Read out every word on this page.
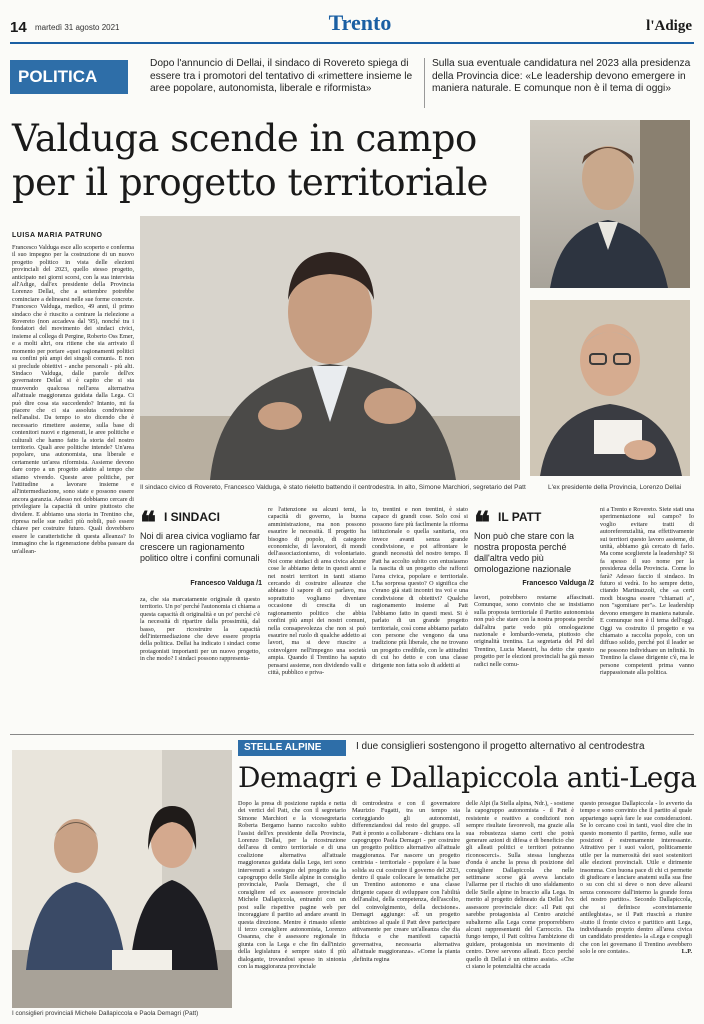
14 martedì 31 agosto 2021	Trento	l'Adige
POLITICA
Dopo l'annuncio di Dellai, il sindaco di Rovereto spiega di essere tra i promotori del tentativo di «rimettere insieme le aree popolare, autonomista, liberale e riformista»
Sulla sua eventuale candidatura nel 2023 alla presidenza della Provincia dice: «Le leadership devono emergere in maniera naturale. E comunque non è il tema di oggi»
Valduga scende in campo per il progetto territoriale
LUISA MARIA PATRUNO
Francesco Valduga esce allo scoperto e conferma il suo impegno per la costruzione di un nuovo progetto politico in vista delle elezioni provinciali del 2023, quello stesso progetto, anticipato nei giorni scorsi, con la sua intervista all'Adige, dall'ex presidente della Provincia Lorenzo Dellai, che a settembre potrebbe cominciare a delinearsi nelle sue forme concrete. Francesco Valduga, medico, 49 anni, il primo sindaco che è riuscito a centrare la rielezione a Rovereto (non accadeva dal '95), nonché tra i fondatori del movimento dei sindaci civici, insieme al collega di Pergine, Roberto Oss Emer, e a molti altri, ora ritiene che sia arrivato il momento per portare «quei ragionamenti politici su confini più ampi dei singoli comuni». E non si preclude obiettivi - anche personali - più alti. Sindaco Valduga, dalle parole dell'ex governatore Dellai si è capito che si sta muovendo qualcosa nell'area alternativa all'attuale maggioranza guidata dalla Lega. Ci può dire cosa sta succedendo? Intanto, mi fa piacere che ci sia assoluta condivisione nell'analisi. Da tempo io sto dicendo che è necessario rimettere assieme, sulla base di contenitori nuovi e rigenerati, le aree politiche e culturali che hanno fatto la storia del nostro territorio. Quali aree politiche intende? Un'area popolare, una autonomista, una liberale e certamente un'area riformista. Assieme devono dare corpo a un progetto adatto al tempo che stiamo vivendo. Queste aree politiche, per l'attitudine a lavorare insieme e all'intermediazione, sono state e possono essere ancora garanzia. Adesso noi dobbiamo cercare di privilegiare la capacità di unire piuttosto che dividere. E abbiamo una storia in Trentino che, ripresa nelle sue radici più nobili, può essere chiave per costruire futuro. Quali dovrebbero essere le caratteristiche di questa alleanza? Io immagino che la rigenerazione debba passare da un'allean-
Il sindaco civico di Rovereto, Francesco Valduga, è stato rieletto battendo il centrodestra. In alto, Simone Marchiori, segretario del Patt	L'ex presidente della Provincia, Lorenzo Dellai
❝ I SINDACI
Noi di area civica vogliamo far crescere un ragionamento politico oltre i confini comunali
Francesco Valduga /1
za, che sia marcatamente originale di questo territorio. Un po' perché l'autonomia ci chiama a questa capacità di originalità e un po' perché c'è la necessità di ripartire dalla prossimità, dal basso, per ricostruire la capacità dell'intermediazione che deve essere propria della politica. Dellai ha indicato i sindaci come protagonisti importanti per un nuovo progetto, in che modo? I sindaci possono rappresenta-
re l'attenzione su alcuni temi, la capacità di governo, la buona amministrazione, ma non possono esaurire le necessità. Il progetto ha bisogno di popolo, di categorie economiche, di lavoratori, di mondi dell'associazionismo, di volontariato. Noi come sindaci di area civica alcune cose le abbiamo dette in questi anni e nei nostri territori in tanti stiamo cercando di costruire alleanze che abbiano il sapore di cui parlavo, ma soprattutto vogliamo diventare occasione di crescita di un ragionamento politico che abbia confini più ampi dei nostri comuni, nella consapevolezza che non si può esaurire nel ruolo di qualche addetto ai lavori, ma si deve riuscire a coinvolgere nell'impegno una società ampia. Quando il Trentino ha saputo pensarsi assieme, non dividendo valli e città, pubblico e priva-
to, trentini e non trentini, è stato capace di grandi cose. Solo così si possono fare più facilmente la riforma istituzionale o quella sanitaria, ora invece avanti senza grande condivisione, e poi affrontare le grandi necessità del nostro tempo. Il Patt ha accolto subito con entusiasmo la nascita di un progetto che rafforzi l'area civica, popolare e territoriale. L'ha sorpresa questo? O significa che c'erano già stati incontri tra voi e una condivisione di obiettivi? Qualche ragionamento insieme al Patt l'abbiamo fatto in questi mesi. Si è parlato di un grande progetto territoriale, così come abbiamo parlato con persone che vengono da una tradizione più liberale, che ne trovano un progetto credibile, con le attitudini di cui ho detto e con una classe dirigente non fatta solo di addetti ai
❝ IL PATT
Non può che stare con la nostra proposta perché dall'altra vedo più omologazione nazionale
Francesco Valduga /2
lavori, potrebbero restarne affascinati. Comunque, sono convinto che se insistiamo sulla proposta territoriale il Partito autonomista non può che stare con la nostra proposta perché dall'altra parte vedo più omologazione nazionale e lombardo-veneta, piuttosto che originalità trentina. La segretaria del Pd del Trentino, Lucia Maestri, ha detto che questo progetto per le elezioni provinciali ha già messo radici nelle comu-
ni a Trento e Rovereto. Siete stati una sperimentazione sul campo? Io voglio evitare tratti di autoreferenzialità, ma effettivamente sui territori questo lavoro assieme, di unità, abbiamo già cercato di farlo. Ma come sceglierete la leadership? Si fa spesso il suo nome per la presidenza della Provincia. Come lo farà? Adesso faccio il sindaco. In futuro si vedrà. Io ho sempre detto, citando Martinazzoli, che «a certi modi bisogna essere "chiamati a", non "sgomitare per"». Le leadership devono emergere in maniera naturale. E comunque non è il tema dell'oggi. Oggi va costruito il progetto e va chiamato a raccolta popolo, con un diffuso solido, perché poi il leader se ne possono individuare un infinità. In Trentino la classe dirigente c'è, ma le persone competenti prima vanno riappassionate alla politica.
STELLE ALPINE	I due consiglieri sostengono il progetto alternativo al centrodestra
Demagri e Dallapiccola anti-Lega
Dopo la presa di posizione rapida e netta dei vertici del Patt, che con il segretario Simone Marchiori e la vicesegretaria Roberta Bergamo hanno raccolto subito l'assist dell'ex presidente della Provincia, Lorenzo Dellai, per la ricostruzione dell'area di centro territoriale e di una coalizione alternativa all'attuale maggioranza guidata dalla Lega, ieri sono intervenuti a sostegno del progetto sia la capogruppo delle Stelle alpine in consiglio provinciale, Paola Demagri, che il consigliere ed ex assessore provinciale Michele Dallapiccola, entrambi con un post sulle rispettive pagine web per incoraggiare il partito ad andare avanti in questa direzione. Mentre è rimasto silente il terzo consigliere autonomista, Lorenzo Ossanna, che è assessore regionale in giunta con la Lega e che fin dall'inizio della legislatura è sempre stato il più dialogante, trovandosi spesso in sintonia con la maggioranza provinciale
di centrodestra e con il governatore Maurizio Fugatti, tra un tempo sta corteggiando gli autonomisti, differenziandosi dal resto del gruppo. «Il Patt è pronto a collaborare - dichiara ora la capogruppo Paola Demagri - per costruire un progetto politico alternativo all'attuale maggioranza. Far nascere un progetto centrista - territoriale - popolare è la base solida su cui costruire il governo del 2023, dentro il quale collocare le tematiche per un Trentino autonomo e una classe dirigente capace di sviluppare con l'abilità dell'analisi, della competenza, dell'ascolto, del coinvolgimento, della decisione». Demagri aggiunge: «È un progetto ambizioso al quale il Patt deve partecipare attivamente per creare un'alleanza che dia fiducia e che manifesti capacità governativa, necessaria alternativa all'attuale maggioranza». «Come la pianta ,definita regina
delle Alpi (la Stella alpina, Ndr.), - sostiene la capogruppo autonomista - il Patt è resistente e reattivo a condizioni non sempre risultate favorevoli, ma grazie alla sua robustezza siamo certi che potrà generare azioni di difesa e di beneficio che gli alleati politici e territori potranno riconoscerci». Sulla stessa lunghezza d'onda è anche la presa di posizione del consigliere Dallapiccola che nelle settimane scorse già aveva lanciato l'allarme per il rischio di uno sfaldamento delle Stelle alpine in braccio alla Lega. In merito al progetto delineato da Dellai l'ex assessore provinciale dice: «Il Patt qui sarebbe protagonista al Centro anziché subalterno alla Lega come proporrebbero alcuni rappresentanti del Carroccio. Da fungo tempo, il Patt coltiva l'ambizione di guidare, protagonista un movimento di centro. Dove servono alleati. Ecco perché quello di Dellai è un ottimo assist». «Che ci siano le potenzialità che accada
questo prosegue Dallapiccola - lo avverto da tempo e sono convinto che il partito al quale appartengo saprà fare le sue considerazioni. Se lo cercano così in tanti, vuol dire che in questo momento il partito, fermo, sulle sue posizioni è estremamente interessante. Attrattivo per i suoi valori, politicamente utile per la numerosità dei suoi sostenitori alle elezioni provinciali. Utile e dirimente insomma. Con buona pace di chi ci permette di giudicare e lanciare anatemi sulla sua fine o su con chi si deve o non deve allearsi senza conoscere dall'interno la grande forza del nostro partito». Secondo Dallapiccola, che si definisce «convintamente antileghista», se il Patt riuscirà a riunire «tutto il fronte civico e partitico anti Lega, individuando proprio dentro all'area civica un candidato presidente» la «Lega e cespugli che con lei governano il Trentino avrebbero solo le ore contate».	L.P.
I consiglieri provinciali Michele Dallapiccola e Paola Demagri (Patt)
